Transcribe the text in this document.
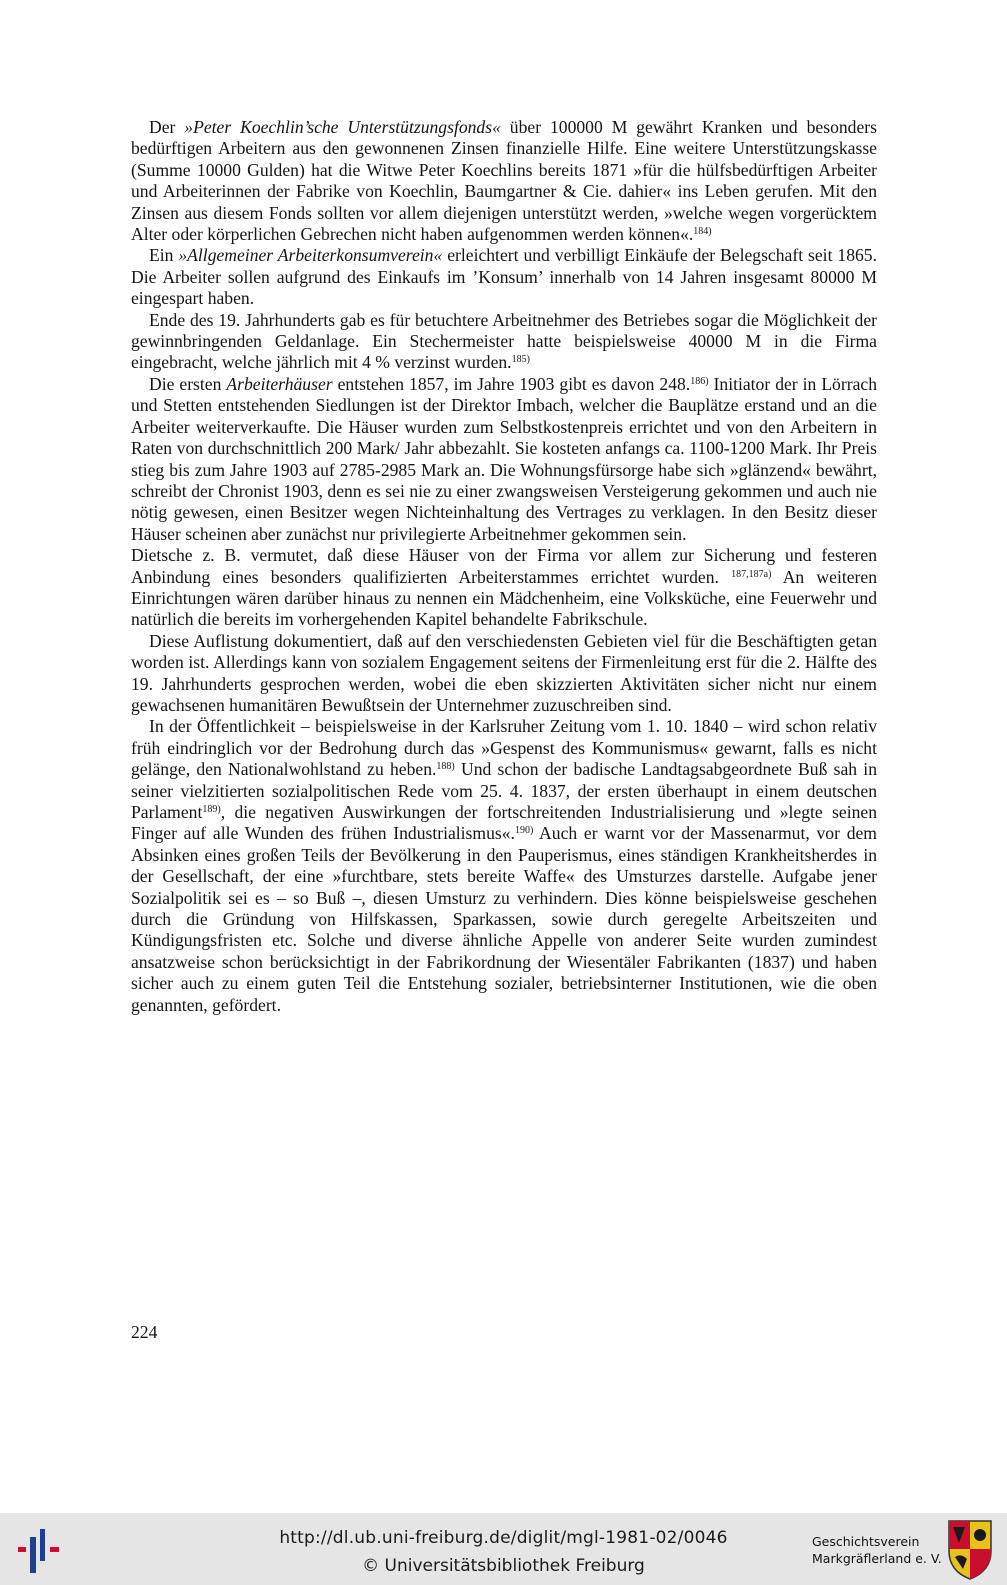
Der »Peter Koechlin’sche Unterstützungsfonds« über 100000 M gewährt Kranken und besonders bedürftigen Arbeitern aus den gewonnenen Zinsen finanzielle Hilfe. Eine weitere Unterstützungskasse (Summe 10000 Gulden) hat die Witwe Peter Koechlins bereits 1871 »für die hülfsbedürftigen Arbeiter und Arbeiterinnen der Fabrike von Koechlin, Baumgartner & Cie. dahier« ins Leben gerufen. Mit den Zinsen aus diesem Fonds sollten vor allem diejenigen unterstützt werden, »welche wegen vorgerücktem Alter oder körperlichen Gebrechen nicht haben aufgenommen werden können«.$^{184)}$

Ein »Allgemeiner Arbeiterkonsumverein« erleichtert und verbilligt Einkäufe der Belegschaft seit 1865. Die Arbeiter sollen aufgrund des Einkaufs im ’Konsum’ innerhalb von 14 Jahren insgesamt 80000 M eingespart haben.

Ende des 19. Jahrhunderts gab es für betuchtere Arbeitnehmer des Betriebes sogar die Möglichkeit der gewinnbringenden Geldanlage. Ein Stechermeister hatte beispielsweise 40000 M in die Firma eingebracht, welche jährlich mit 4 % verzinst wurden.$^{185)}$

Die ersten Arbeiterhäuser entstehen 1857, im Jahre 1903 gibt es davon 248.$^{186)}$ Initiator der in Lörrach und Stetten entstehenden Siedlungen ist der Direktor Imbach, welcher die Bauplätze erstand und an die Arbeiter weiterverkaufte. Die Häuser wurden zum Selbstkostenpreis errichtet und von den Arbeitern in Raten von durchschnittlich 200 Mark/ Jahr abbezahlt. Sie kosteten anfangs ca. 1100-1200 Mark. Ihr Preis stieg bis zum Jahre 1903 auf 2785-2985 Mark an. Die Wohnungsfürsorge habe sich »glänzend« bewährt, schreibt der Chronist 1903, denn es sei nie zu einer zwangsweisen Versteigerung gekommen und auch nie nötig gewesen, einen Besitzer wegen Nichteinhaltung des Vertrages zu verklagen. In den Besitz dieser Häuser scheinen aber zunächst nur privilegierte Arbeitnehmer gekommen sein.

Dietsche z. B. vermutet, daß diese Häuser von der Firma vor allem zur Sicherung und festeren Anbindung eines besonders qualifizierten Arbeiterstammes errichtet wurden. $^{187,187a)}$ An weiteren Einrichtungen wären darüber hinaus zu nennen ein Mädchenheim, eine Volksküche, eine Feuerwehr und natürlich die bereits im vorhergehenden Kapitel behandelte Fabrikschule.

Diese Auflistung dokumentiert, daß auf den verschiedensten Gebieten viel für die Beschäftigten getan worden ist. Allerdings kann von sozialem Engagement seitens der Firmenleitung erst für die 2. Hälfte des 19. Jahrhunderts gesprochen werden, wobei die eben skizzierten Aktivitäten sicher nicht nur einem gewachsenen humanitären Bewußtsein der Unternehmer zuzuschreiben sind.

In der Öffentlichkeit – beispielsweise in der Karlsruher Zeitung vom 1. 10. 1840 – wird schon relativ früh eindringlich vor der Bedrohung durch das »Gespenst des Kommunismus« gewarnt, falls es nicht gelänge, den Nationalwohlstand zu heben.$^{188)}$ Und schon der badische Landtagsabgeordnete Buß sah in seiner vielzitierten sozialpolitischen Rede vom 25. 4. 1837, der ersten überhaupt in einem deutschen Parlament$^{189)}$, die negativen Auswirkungen der fortschreitenden Industrialisierung und »legte seinen Finger auf alle Wunden des frühen Industrialismus«.$^{190)}$ Auch er warnt vor der Massenarmut, vor dem Absinken eines großen Teils der Bevölkerung in den Pauperismus, eines ständigen Krankheitsherdes in der Gesellschaft, der eine »furchtbare, stets bereite Waffe« des Umsturzes darstelle. Aufgabe jener Sozialpolitik sei es – so Buß –, diesen Umsturz zu verhindern. Dies könne beispielsweise geschehen durch die Gründung von Hilfskassen, Sparkassen, sowie durch geregelte Arbeitszeiten und Kündigungsfristen etc. Solche und diverse ähnliche Appelle von anderer Seite wurden zumindest ansatzweise schon berücksichtigt in der Fabrikordnung der Wiesentäler Fabrikanten (1837) und haben sicher auch zu einem guten Teil die Entstehung sozialer, betriebsinterner Institutionen, wie die oben genannten, gefördert.

224
http://dl.ub.uni-freiburg.de/diglit/mgl-1981-02/0046
© Universitätsbibliothek Freiburg
Geschichtsverein
Markgräflerland e. V.
